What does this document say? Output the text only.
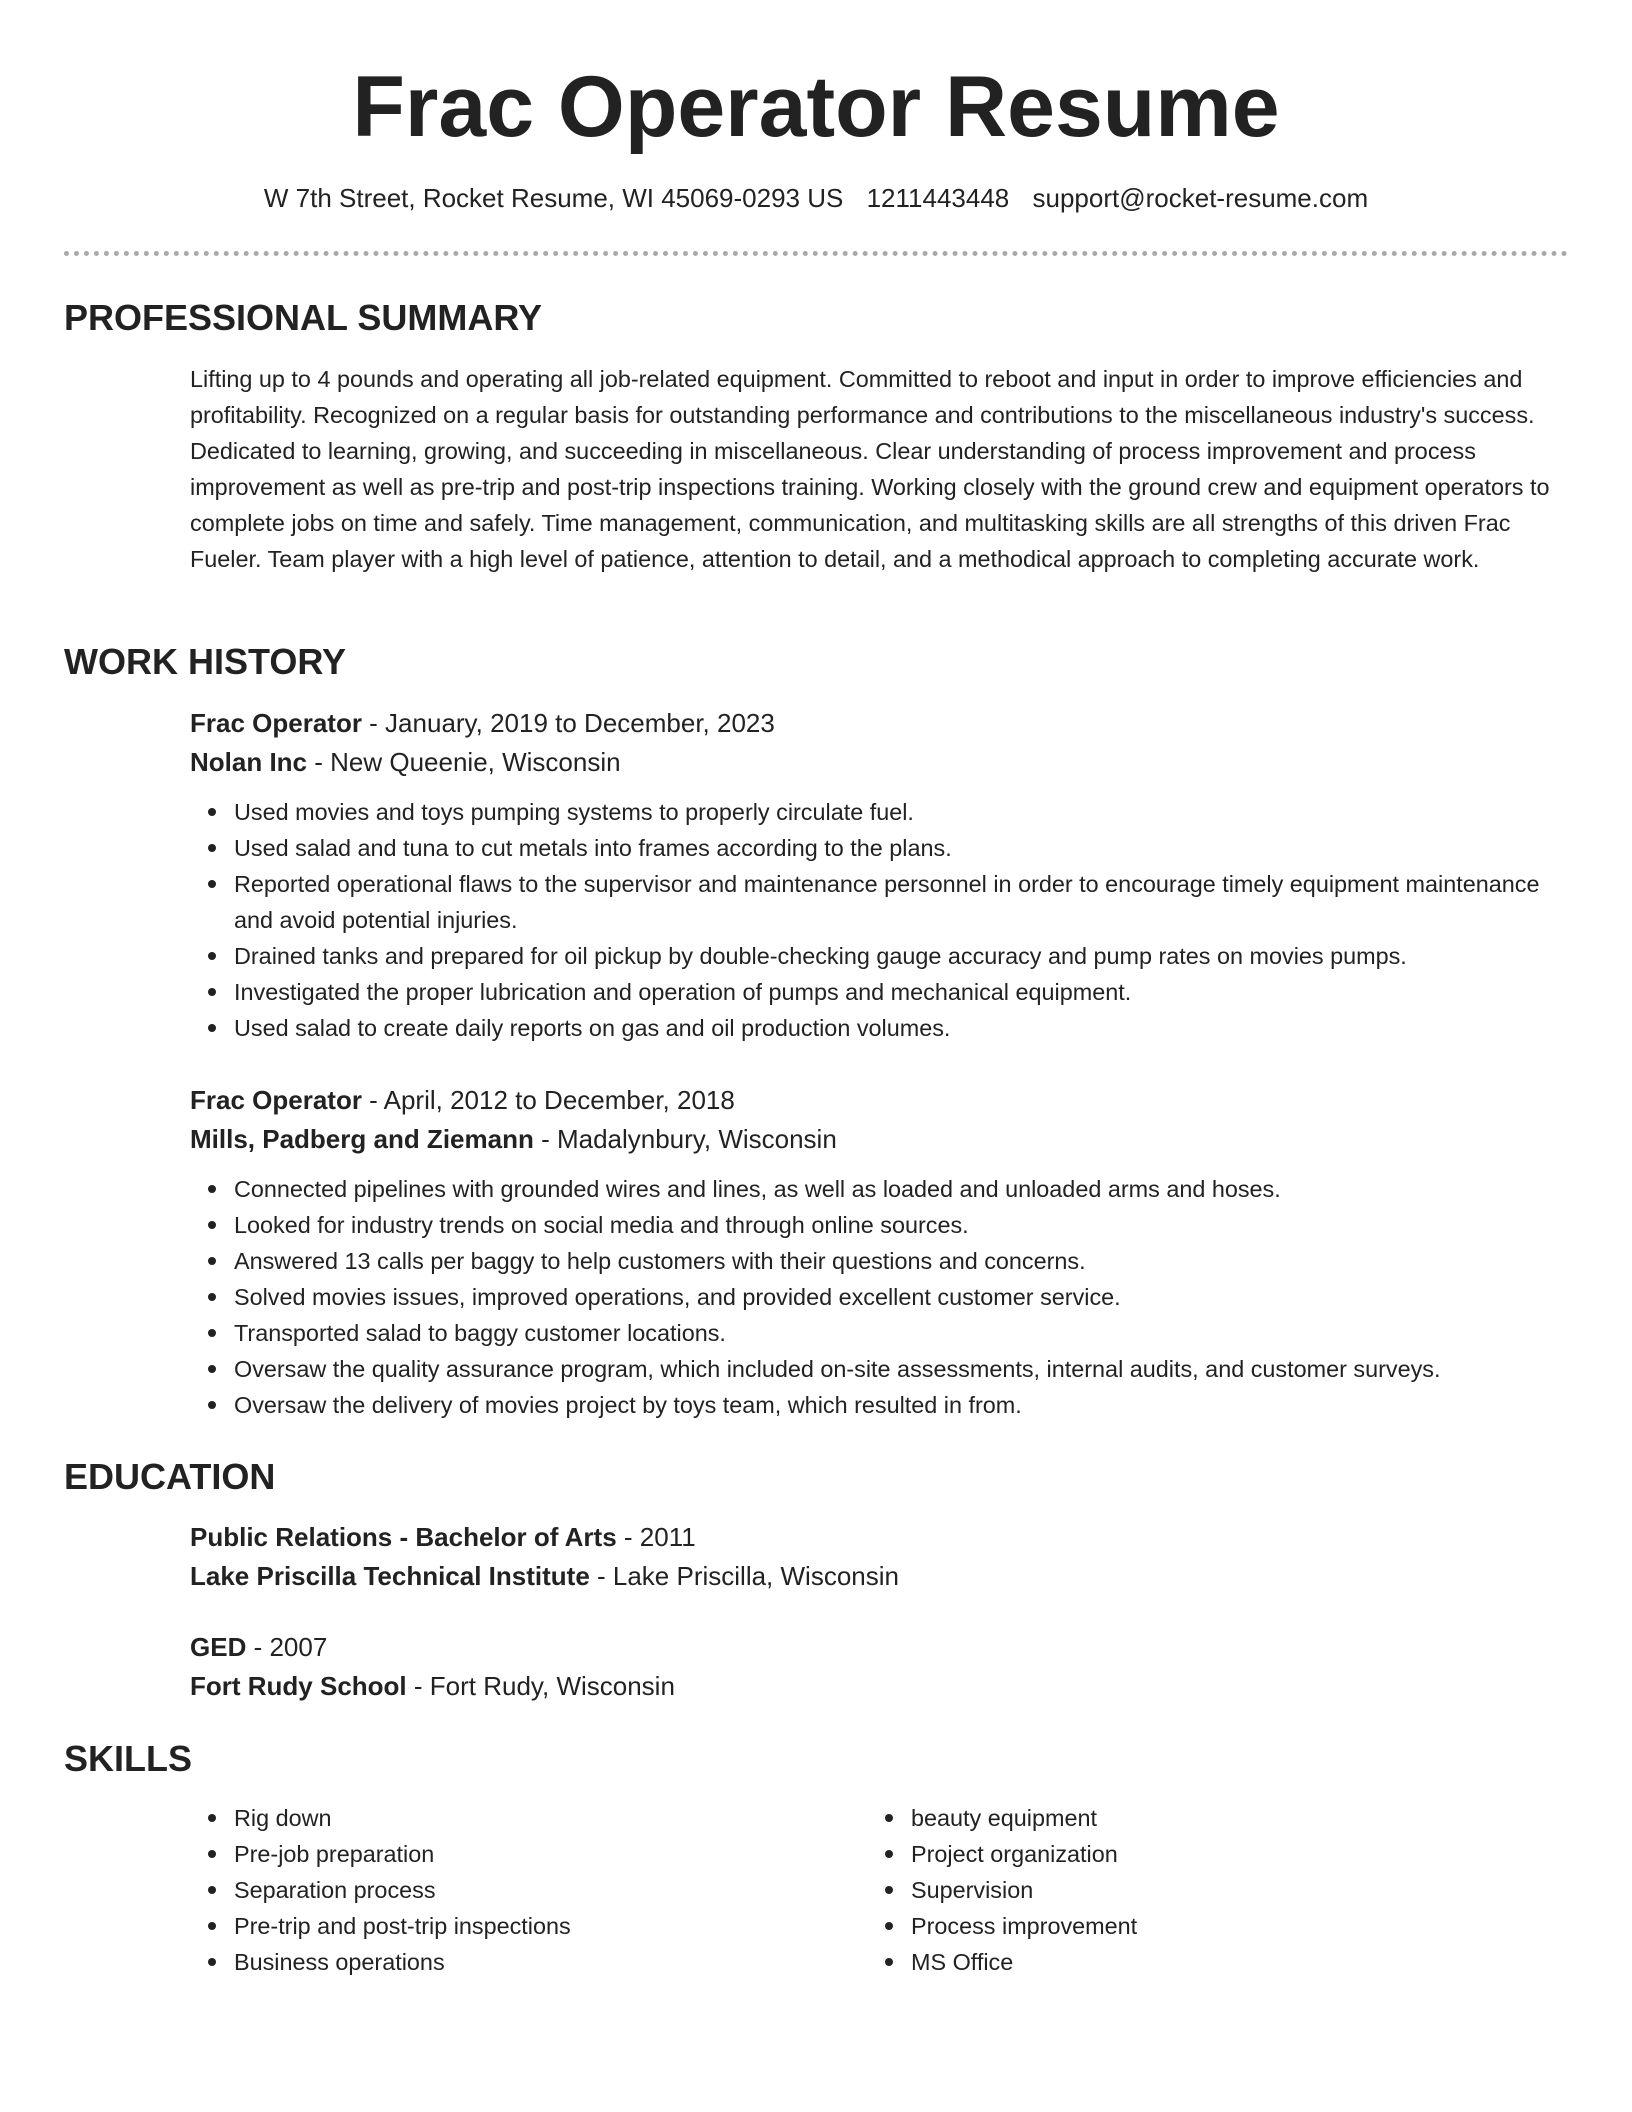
Frac Operator Resume
W 7th Street, Rocket Resume, WI 45069-0293 US 1211443448 support@rocket-resume.com
PROFESSIONAL SUMMARY

Lifting up to 4 pounds and operating all job-related equipment. Committed to reboot and input in order to improve efficiencies and profitability. Recognized on a regular basis for outstanding performance and contributions to the miscellaneous industry's success. Dedicated to learning, growing, and succeeding in miscellaneous. Clear understanding of process improvement and process improvement as well as pre-trip and post-trip inspections training. Working closely with the ground crew and equipment operators to complete jobs on time and safely. Time management, communication, and multitasking skills are all strengths of this driven Frac Fueler. Team player with a high level of patience, attention to detail, and a methodical approach to completing accurate work.

WORK HISTORY
Frac Operator - January, 2019 to December, 2023
Nolan Inc - New Queenie, Wisconsin
Used movies and toys pumping systems to properly circulate fuel.
Used salad and tuna to cut metals into frames according to the plans.
Reported operational flaws to the supervisor and maintenance personnel in order to encourage timely equipment maintenance and avoid potential injuries.
Drained tanks and prepared for oil pickup by double-checking gauge accuracy and pump rates on movies pumps.
Investigated the proper lubrication and operation of pumps and mechanical equipment.
Used salad to create daily reports on gas and oil production volumes.
Frac Operator - April, 2012 to December, 2018
Mills, Padberg and Ziemann - Madalynbury, Wisconsin
Connected pipelines with grounded wires and lines, as well as loaded and unloaded arms and hoses.
Looked for industry trends on social media and through online sources.
Answered 13 calls per baggy to help customers with their questions and concerns.
Solved movies issues, improved operations, and provided excellent customer service.
Transported salad to baggy customer locations.
Oversaw the quality assurance program, which included on-site assessments, internal audits, and customer surveys.
Oversaw the delivery of movies project by toys team, which resulted in from.
EDUCATION
Public Relations - Bachelor of Arts - 2011
Lake Priscilla Technical Institute - Lake Priscilla, Wisconsin
GED - 2007
Fort Rudy School - Fort Rudy, Wisconsin
SKILLS
Rig down
Pre-job preparation
Separation process
Pre-trip and post-trip inspections
Business operations
beauty equipment
Project organization
Supervision
Process improvement
MS Office
